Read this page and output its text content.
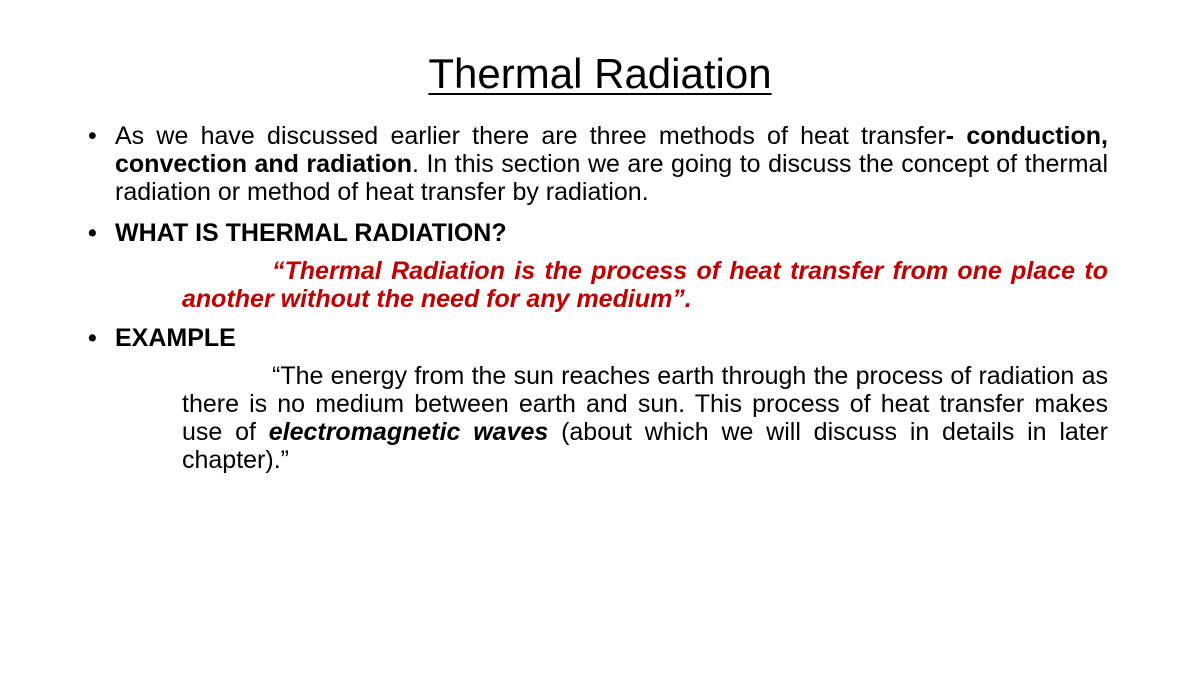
Thermal Radiation
• As we have discussed earlier there are three methods of heat transfer- conduction, convection and radiation. In this section we are going to discuss the concept of thermal radiation or method of heat transfer by radiation.
• WHAT IS THERMAL RADIATION?
“Thermal Radiation is the process of heat transfer from one place to another without the need for any medium”.
• EXAMPLE
“The energy from the sun reaches earth through the process of radiation as there is no medium between earth and sun. This process of heat transfer makes use of electromagnetic waves (about which we will discuss in details in later chapter).”
